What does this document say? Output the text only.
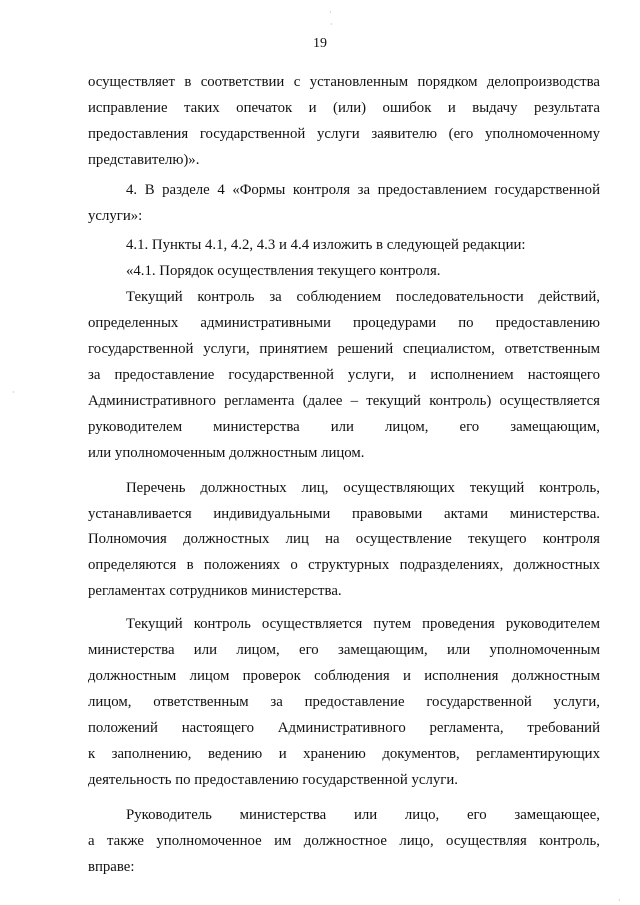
·
·
·
·
19

осуществляет в соответствии с установленным порядком делопроизводства

исправление таких опечаток и (или) ошибок и выдачу результата

предоставления государственной услуги заявителю (его уполномоченному

представителю)».

4. В разделе 4 «Формы контроля за предоставлением государственной

услуги»:

4.1. Пункты 4.1, 4.2, 4.3 и 4.4 изложить в следующей редакции:

«4.1. Порядок осуществления текущего контроля.

Текущий контроль за соблюдением последовательности действий,

определенных административными процедурами по предоставлению

государственной услуги, принятием решений специалистом, ответственным

за предоставление государственной услуги, и исполнением настоящего

Административного регламента (далее – текущий контроль) осуществляется

руководителем министерства или лицом, его замещающим,

или уполномоченным должностным лицом.

Перечень должностных лиц, осуществляющих текущий контроль,

устанавливается индивидуальными правовыми актами министерства.

Полномочия должностных лиц на осуществление текущего контроля

определяются в положениях о структурных подразделениях, должностных

регламентах сотрудников министерства.

Текущий контроль осуществляется путем проведения руководителем

министерства или лицом, его замещающим, или уполномоченным

должностным лицом проверок соблюдения и исполнения должностным

лицом, ответственным за предоставление государственной услуги,

положений настоящего Административного регламента, требований

к заполнению, ведению и хранению документов, регламентирующих

деятельность по предоставлению государственной услуги.

Руководитель министерства или лицо, его замещающее,

а также уполномоченное им должностное лицо, осуществляя контроль,

вправе:
